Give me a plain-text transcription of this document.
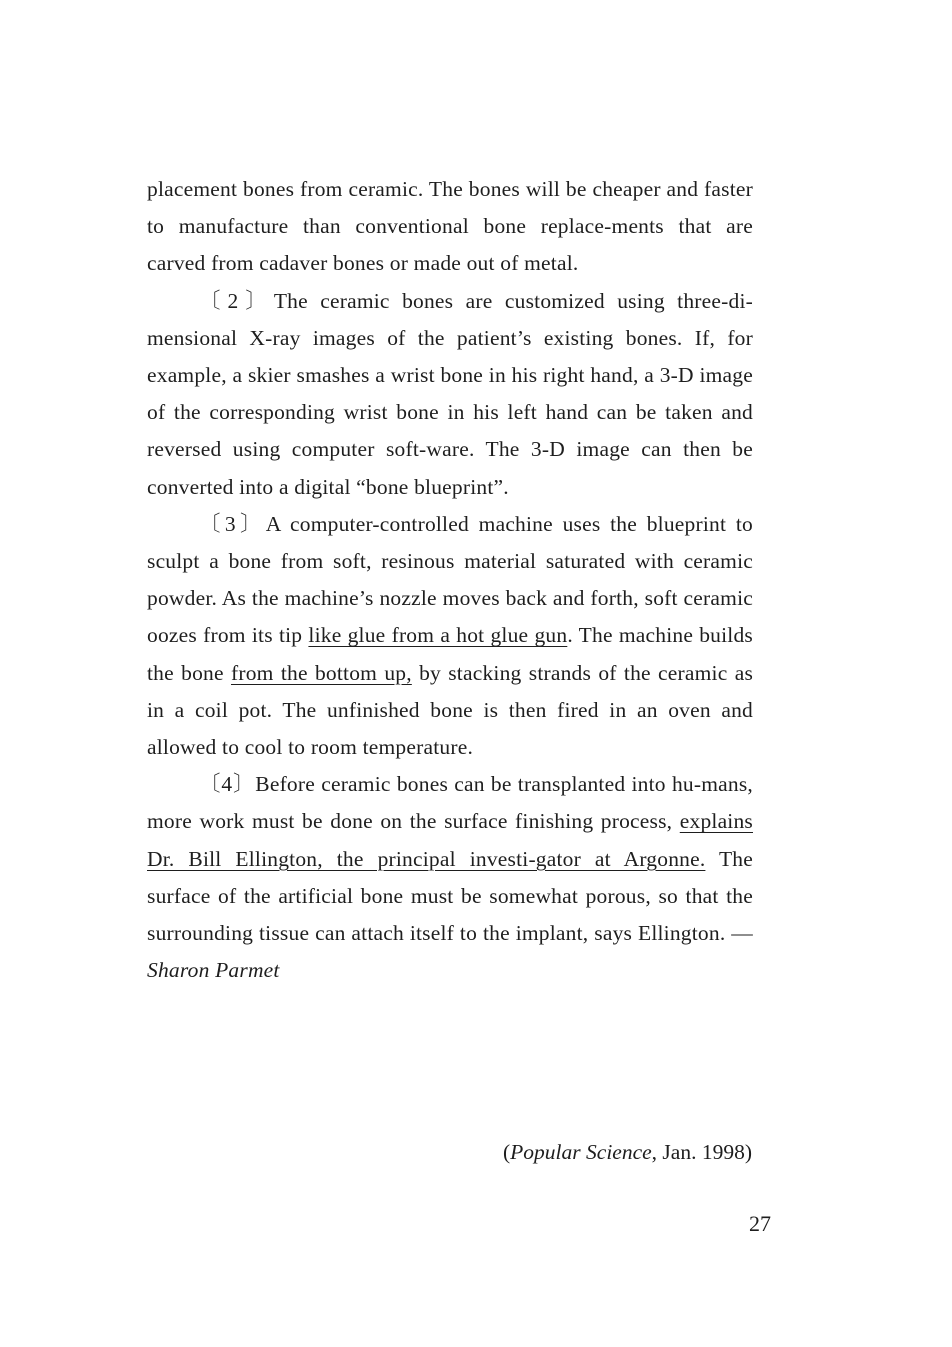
placement bones from ceramic. The bones will be cheaper and faster to manufacture than conventional bone replace-ments that are carved from cadaver bones or made out of metal.

〔2〕The ceramic bones are customized using three-di-mensional X-ray images of the patient’s existing bones. If, for example, a skier smashes a wrist bone in his right hand, a 3-D image of the corresponding wrist bone in his left hand can be taken and reversed using computer soft-ware. The 3-D image can then be converted into a digital “bone blueprint”.

〔3〕A computer-controlled machine uses the blueprint to sculpt a bone from soft, resinous material saturated with ceramic powder. As the machine’s nozzle moves back and forth, soft ceramic oozes from its tip like glue from a hot glue gun. The machine builds the bone from the bottom up, by stacking strands of the ceramic as in a coil pot. The unfinished bone is then fired in an oven and allowed to cool to room temperature.

〔4〕Before ceramic bones can be transplanted into hu-mans, more work must be done on the surface finishing process, explains Dr. Bill Ellington, the principal investi-gator at Argonne. The surface of the artificial bone must be somewhat porous, so that the surrounding tissue can attach itself to the implant, says Ellington. —Sharon Parmet

(Popular Science, Jan. 1998)
27
